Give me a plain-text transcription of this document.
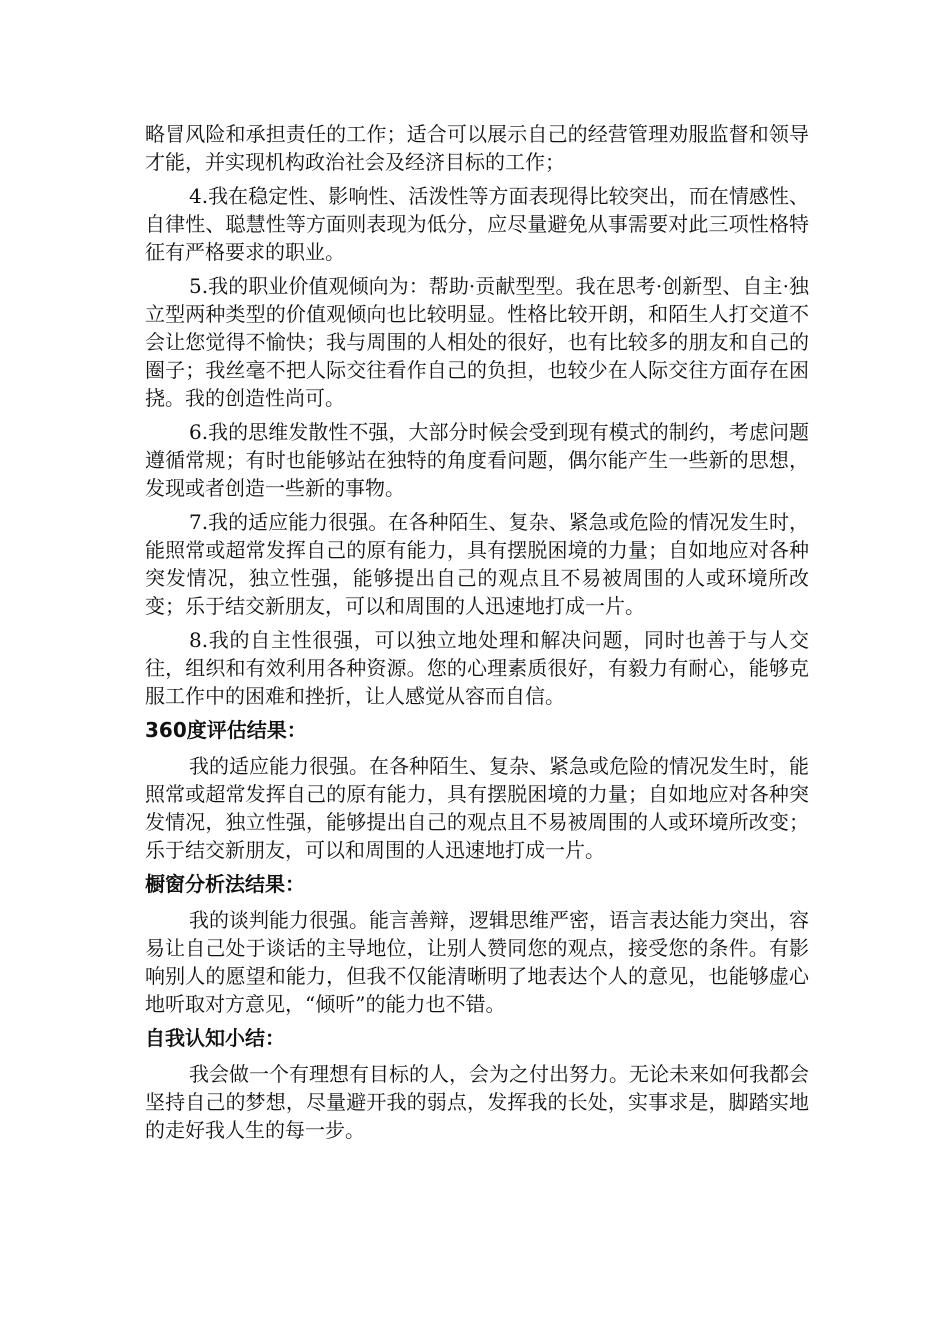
略冒风险和承担责任的工作；适合可以展示自己的经营管理劝服监督和领导才能，并实现机构政治社会及经济目标的工作；

4.我在稳定性、影响性、活泼性等方面表现得比较突出，而在情感性、自律性、聪慧性等方面则表现为低分，应尽量避免从事需要对此三项性格特征有严格要求的职业。

5.我的职业价值观倾向为：帮助·贡献型型。我在思考·创新型、自主·独立型两种类型的价值观倾向也比较明显。性格比较开朗，和陌生人打交道不会让您觉得不愉快；我与周围的人相处的很好，也有比较多的朋友和自己的圈子；我丝毫不把人际交往看作自己的负担，也较少在人际交往方面存在困挠。我的创造性尚可。

6.我的思维发散性不强，大部分时候会受到现有模式的制约，考虑问题遵循常规；有时也能够站在独特的角度看问题，偶尔能产生一些新的思想，发现或者创造一些新的事物。

7.我的适应能力很强。在各种陌生、复杂、紧急或危险的情况发生时，能照常或超常发挥自己的原有能力，具有摆脱困境的力量；自如地应对各种突发情况，独立性强，能够提出自己的观点且不易被周围的人或环境所改变；乐于结交新朋友，可以和周围的人迅速地打成一片。

8.我的自主性很强，可以独立地处理和解决问题，同时也善于与人交往，组织和有效利用各种资源。您的心理素质很好，有毅力有耐心，能够克服工作中的困难和挫折，让人感觉从容而自信。

360度评估结果：

我的适应能力很强。在各种陌生、复杂、紧急或危险的情况发生时，能照常或超常发挥自己的原有能力，具有摆脱困境的力量；自如地应对各种突发情况，独立性强，能够提出自己的观点且不易被周围的人或环境所改变；乐于结交新朋友，可以和周围的人迅速地打成一片。

橱窗分析法结果：

我的谈判能力很强。能言善辩，逻辑思维严密，语言表达能力突出，容易让自己处于谈话的主导地位，让别人赞同您的观点，接受您的条件。有影响别人的愿望和能力，但我不仅能清晰明了地表达个人的意见，也能够虚心地听取对方意见，“倾听”的能力也不错。

自我认知小结：

我会做一个有理想有目标的人，会为之付出努力。无论未来如何我都会坚持自己的梦想，尽量避开我的弱点，发挥我的长处，实事求是，脚踏实地的走好我人生的每一步。
